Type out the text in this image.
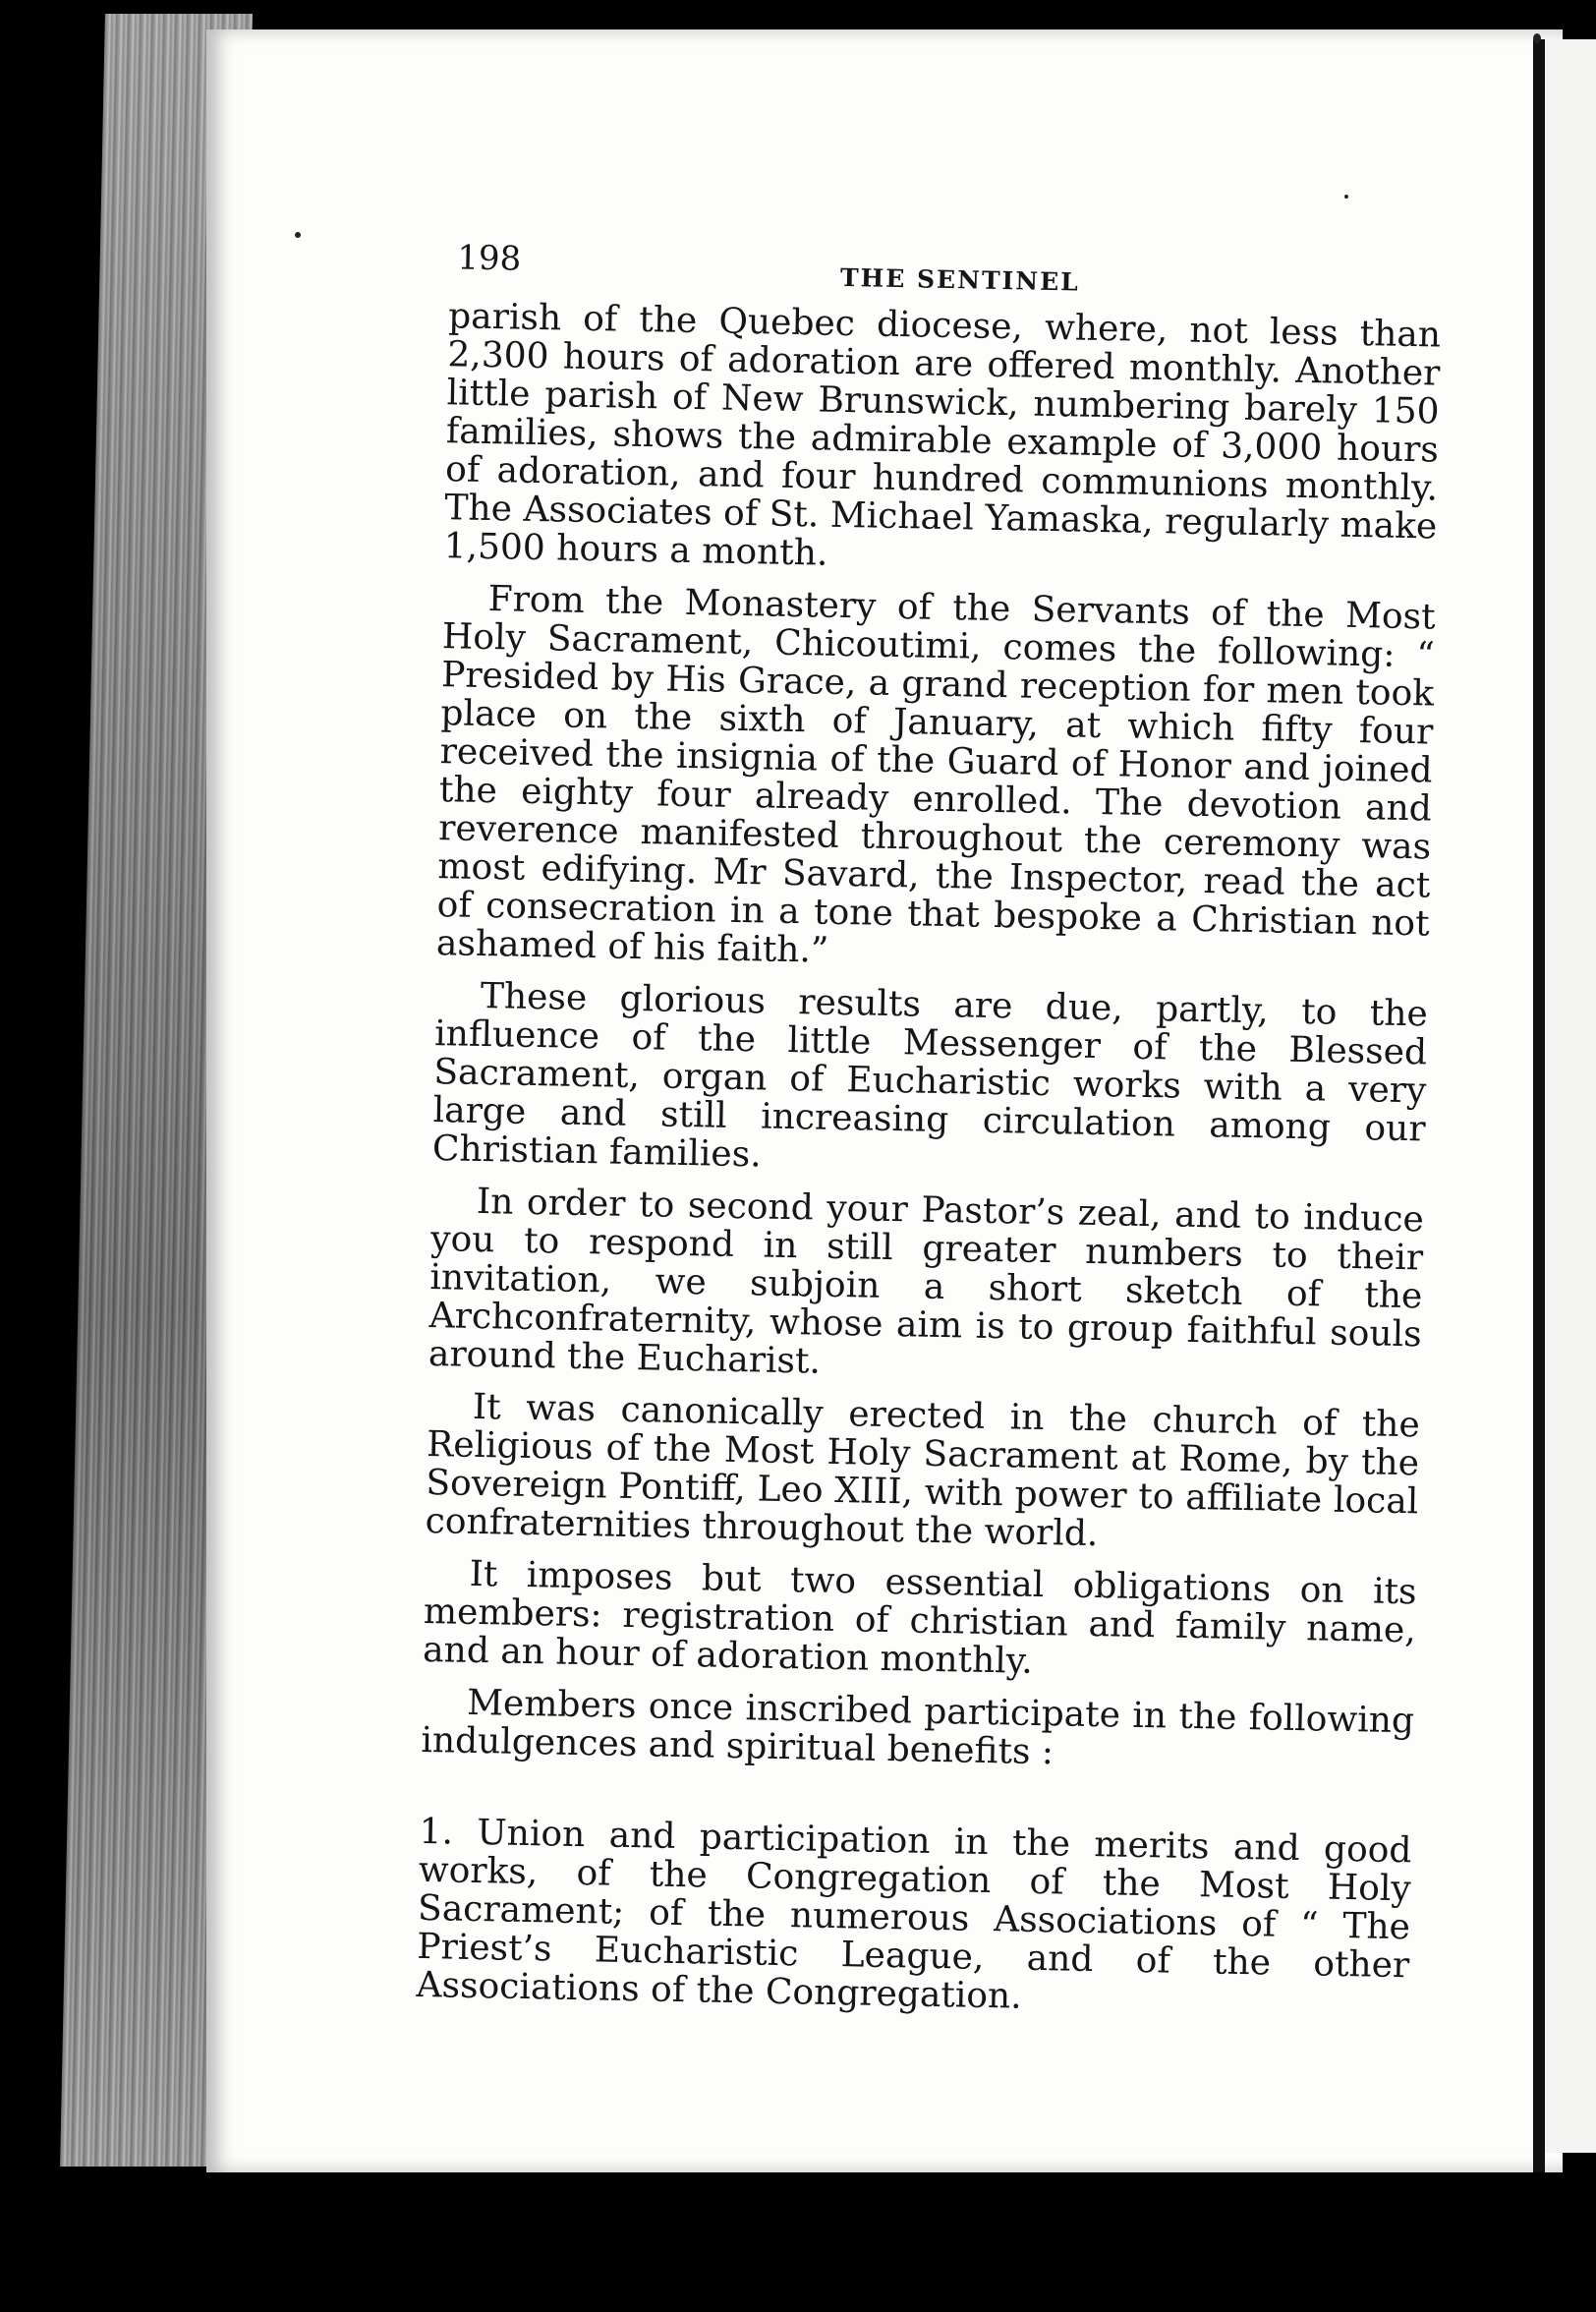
198
THE SENTINEL

parish of the Quebec diocese, where, not less than 2,300 hours of adoration are offered monthly. Another little parish of New Brunswick, numbering barely 150 families, shows the admirable example of 3,000 hours of adoration, and four hundred communions monthly. The Associates of St. Michael Yamaska, regularly make 1,500 hours a month.

From the Monastery of the Servants of the Most Holy Sacrament, Chicoutimi, comes the following: “ Presided by His Grace, a grand reception for men took place on the sixth of January, at which fifty four received the insignia of the Guard of Honor and joined the eighty four already enrolled. The devotion and reverence manifested throughout the ceremony was most edifying. Mr Savard, the Inspector, read the act of consecration in a tone that bespoke a Christian not ashamed of his faith.”

These glorious results are due, partly, to the influence of the little Messenger of the Blessed Sacrament, organ of Eucharistic works with a very large and still increasing circulation among our Christian families.

In order to second your Pastor’s zeal, and to induce you to respond in still greater numbers to their invitation, we subjoin a short sketch of the Archconfraternity, whose aim is to group faithful souls around the Eucharist.

It was canonically erected in the church of the Religious of the Most Holy Sacrament at Rome, by the Sovereign Pontiff, Leo XIII, with power to affiliate local confraternities throughout the world.

It imposes but two essential obligations on its members: registration of christian and family name, and an hour of adoration monthly.

Members once inscribed participate in the following indulgences and spiritual benefits :

1. Union and participation in the merits and good works, of the Congregation of the Most Holy Sacrament; of the numerous Associations of “ The Priest’s Eucharistic League, and of the other Associations of the Congregation.
